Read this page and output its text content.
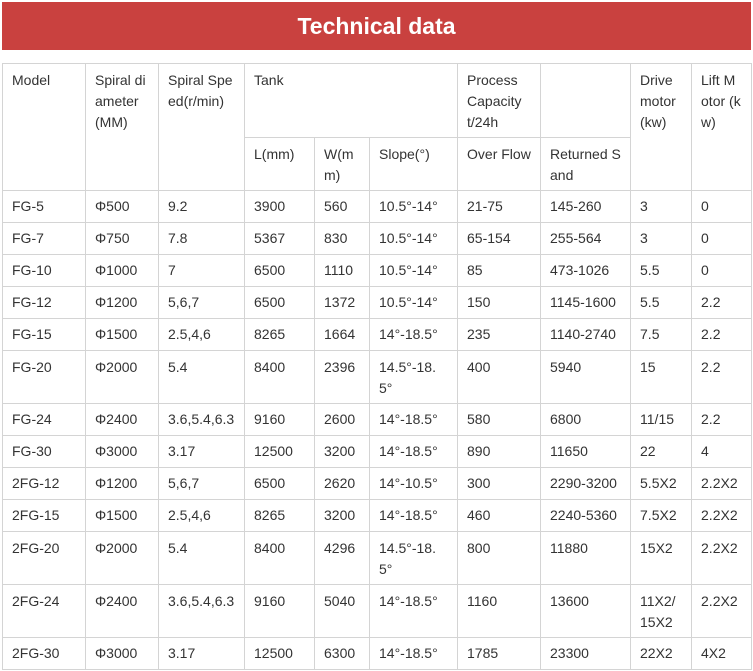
Technical data
Model	Spiral diameter(MM)	Spiral Speed(r/min)	Tank			Process Capacity t/24h		Drive motor (kw)	Lift Motor (kw)
			L(mm)	W(mm)	Slope(°)	Over Flow	Returned Sand		
FG-5	Φ500	9.2	3900	560	10.5°-14°	21-75	145-260	3	0
FG-7	Φ750	7.8	5367	830	10.5°-14°	65-154	255-564	3	0
FG-10	Φ1000	7	6500	1110	10.5°-14°	85	473-1026	5.5	0
FG-12	Φ1200	5,6,7	6500	1372	10.5°-14°	150	1145-1600	5.5	2.2
FG-15	Φ1500	2.5,4,6	8265	1664	14°-18.5°	235	1140-2740	7.5	2.2
FG-20	Φ2000	5.4	8400	2396	14.5°-18.5°	400	5940	15	2.2
FG-24	Φ2400	3.6,5.4,6.3	9160	2600	14°-18.5°	580	6800	11/15	2.2
FG-30	Φ3000	3.17	12500	3200	14°-18.5°	890	11650	22	4
2FG-12	Φ1200	5,6,7	6500	2620	14°-10.5°	300	2290-3200	5.5X2	2.2X2
2FG-15	Φ1500	2.5,4,6	8265	3200	14°-18.5°	460	2240-5360	7.5X2	2.2X2
2FG-20	Φ2000	5.4	8400	4296	14.5°-18.5°	800	11880	15X2	2.2X2
2FG-24	Φ2400	3.6,5.4,6.3	9160	5040	14°-18.5°	1160	13600	11X2/15X2	2.2X2
2FG-30	Φ3000	3.17	12500	6300	14°-18.5°	1785	23300	22X2	4X2
